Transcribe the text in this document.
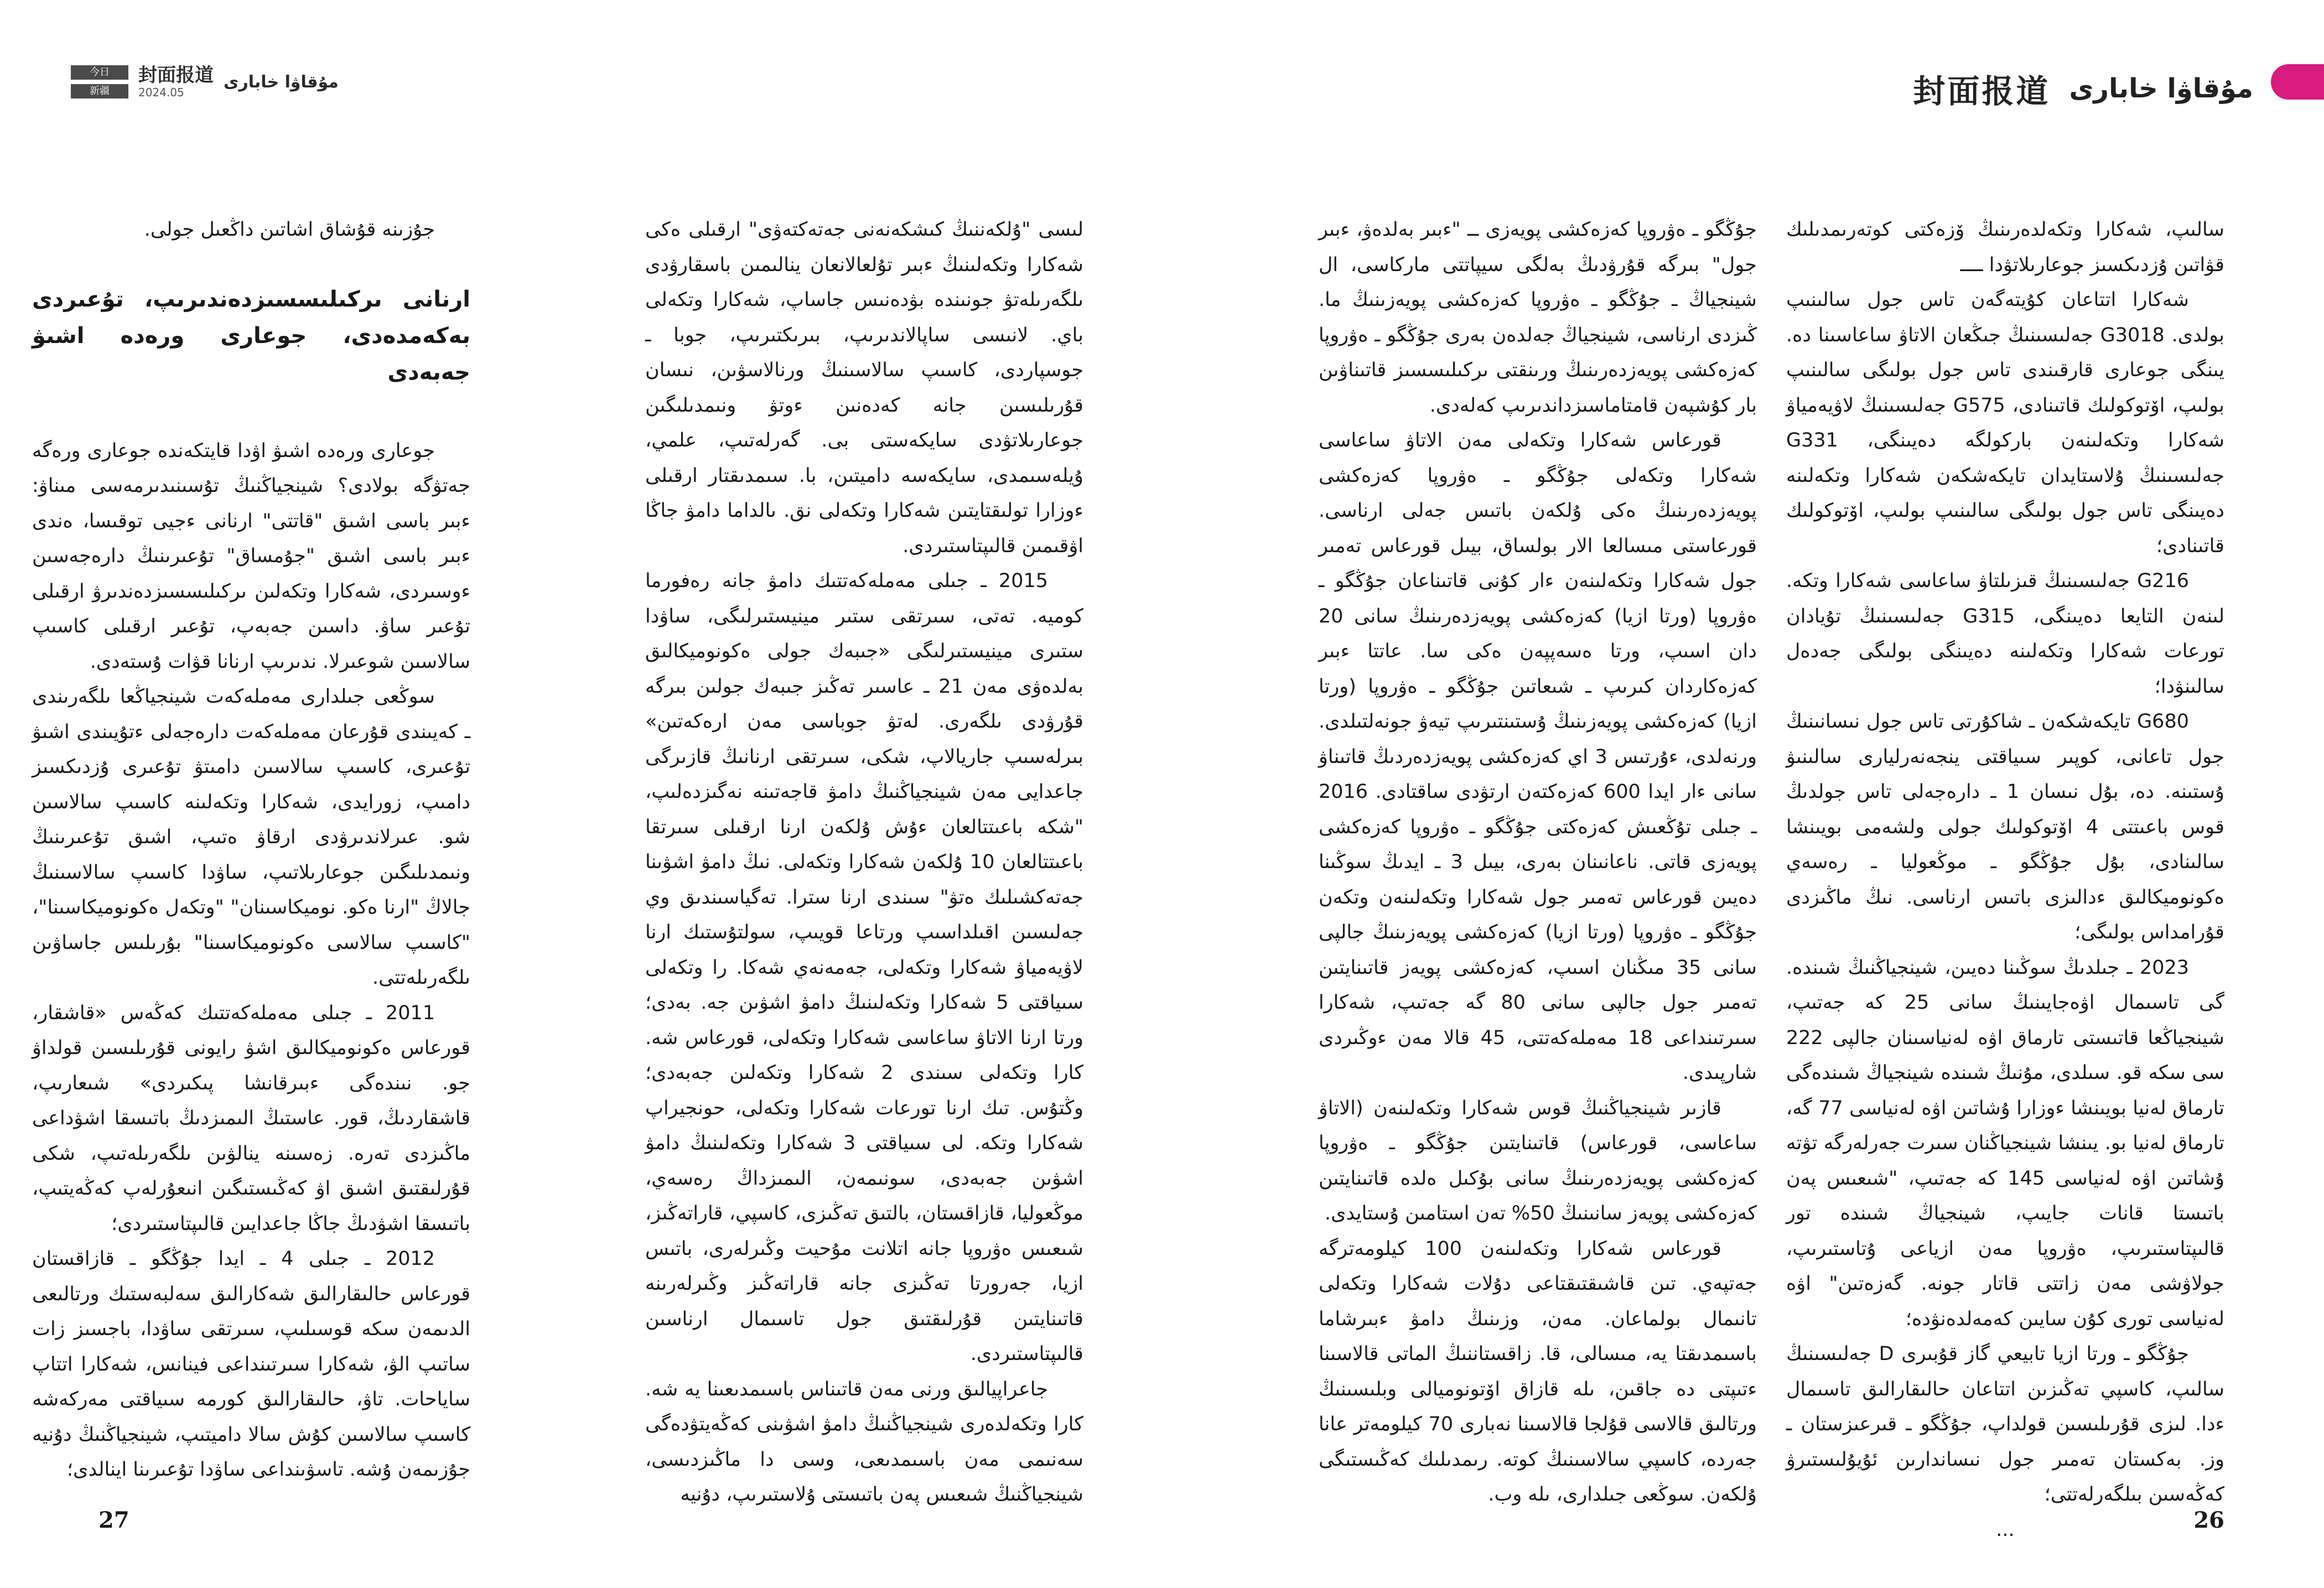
今日
新疆
封面报道
2024.05
مۇقاۋا خابارى

جۇزىنە قۇشاق اشاتىن داڭعىل جولى.

ارنانى ىركىلىسسىزدەندىرىپ، تۇعىردى بەكەمدەدى، جوعارى ورەدە اشىۋ جەبەدى

جوعارى ورەدە اشىۋ اۋدا قايتكەندە جوعارى ورەگە جەتۋگە بولادى؟ شينجياڭنىڭ تۇسىنىدىرمەسى مىناۋ: ءبىر باسى اشىق "قاتتى" ارنانى ءجيى توقىسا، ەندى ءبىر باسى اشىق "جۇمساق" تۇعىرىنىڭ دارەجەسىن ءوسىردى، شەكارا وتكەلىن ىركىلىسسىزدەندىرۋ ارقىلى تۇعىر ساۋ. داسىن جەبەپ، تۇعىر ارقىلى كاسىپ سالاسىن شوعىرلا. ندىرىپ ارنانا قۋات ۇستەدى.

سوڭعى جىلدارى مەملەكەت شينجياڭعا ىلگەرىندى ـ كەيىندى قۇرعان مەملەكەت دارەجەلى ءتۇيىندى اشىۋ تۇعىرى، كاسىپ سالاسىن دامىتۋ تۇعىرى ۇزدىكسىز دامىپ، زورايدى، شەكارا وتكەلىنە كاسىپ سالاسىن شو. عىرلاندىرۋدى ارقاۋ ەتىپ، اشىق تۇعىرىنىڭ ونىمدىلىگىن جوعارىلاتىپ، ساۋدا كاسىپ سالاسىنىڭ جالاڭ "ارنا ەكو. نوميكاسىنان" "وتكەل ەكونوميكاسىنا"، "كاسىپ سالاسى ەكونوميكاسىنا" بۇرىلىس جاساۋىن ىلگەرىلەتتى.

2011 ـ جىلى مەملەكەتتىك كەڭەس «قاشقار، قورعاس ەكونوميكالىق اشۋ رايونى قۇرىلىسىن قولداۋ جو. نىندەگى ءبىرقانشا پىكىردى» شىعارىپ، قاشقاردىڭ، قور. عاستىڭ الىمىزدىڭ باتىسقا اشۋداعى ماڭىزدى تەرە. زەسىنە ينالۋىن ىلگەرىلەتىپ، شكى قۇرلىقتىق اشىق اۋ كەڭىستىگىن انىعۇرلەپ كەڭەيتىپ، باتىسقا اشۋدىڭ جاڭا جاعدايىن قالىپتاستىردى؛

2012 ـ جىلى 4 ـ ايدا جۇڭگو ـ قازاقستان قورعاس حالىقارالىق شەكارالىق سەلبەستىك ورتالىعى الدىمەن سكە قوسىلىپ، سىرتقى ساۋدا، باجسىز زات ساتىپ الۋ، شەكارا سىرتىنداعى فينانس، شەكارا اتتاپ ساياحات. تاۋ، حالىقارالىق كورمە سىياقتى مەركەشە كاسىپ سالاسىن كۇش سالا داميتىپ، شينجياڭنىڭ دۇنيە جۇزىمەن ۇشە. تاسۋىنداعى ساۋدا تۇعىرىنا اينالدى؛

لىسى "ۇلكەننىڭ كىشكەنەنى جەتەكتەۋى" ارقىلى ەكى شەكارا وتكەلىنىڭ ءبىر تۇلعالانعان ينالىمىن باسقارۋدى ىلگەرىلەتۋ جونىندە بۋدەنىس جاساپ، شەكارا وتكەلى باي. لانىسى ساپالاندىرىپ، بىرىكتىرىپ، جوبا ـ جوسپاردى، كاسىپ سالاسىنىڭ ورنالاسۋىن، نىسان قۇرىلىسىن جانە كەدەنىن ءوتۋ ونىمدىلىگىن جوعارىلاتۋدى سايكەستى بى. گەرلەتىپ، علمي، ۇيلەسىمدى، سايكەسە داميتىن، با. سىمدىقتار ارقىلى ءوزارا تولىقتايتىن شەكارا وتكەلى نق. ىالداما دامۋ جاڭا اۋقىمىن قالىپتاستىردى.

2015 ـ جىلى مەملەكەتتىك دامۋ جانە رەفورما كوميە. تەتى، سىرتقى ستىر مينيستىرلىگى، ساۋدا ستىرى مينيستىرلىگى «جىبەك جولى ەكونوميكالىق بەلدەۋى مەن 21 ـ عاسىر تەڭىز جىبەك جولىن بىرگە قۇرۋدى ىلگەرى. لەتۋ جوباسى مەن ارەكەتىن» بىرلەسىپ جاريالاپ، شكى، سىرتقى ارنانىڭ قازىرگى جاعدايى مەن شينجياڭنىڭ دامۋ قاجەتىنە نەگىزدەلىپ، "شكە باعىتتالعان ءۇش ۇلكەن ارنا ارقىلى سىرتقا باعىتتالعان 10 ۇلكەن شەكارا وتكەلى. نىڭ دامۋ اشۋىنا جەتەكشىلىك ەتۋ" سىندى ارنا سترا. تەگياسىندىق وي جەلىسىن اقىلداسىپ ورتاعا قويىپ، سولتۇستىك ارنا لاۋيەمياۋ شەكارا وتكەلى، جەمەنەي شەكا. را وتكەلى سىياقتى 5 شەكارا وتكەلىنىڭ دامۋ اشۋىن جە. بەدى؛ ورتا ارنا الاتاۋ ساعاسى شەكارا وتكەلى، قورعاس شە. كارا وتكەلى سىندى 2 شەكارا وتكەلىن جەبەدى؛ وڭتۇس. تىك ارنا تورعات شەكارا وتكەلى، حونجيراپ شەكارا وتكە. لى سىياقتى 3 شەكارا وتكەلىنىڭ دامۋ اشۋىن جەبەدى، سونىمەن، الىمىزداڭ رەسەي، موڭعوليا، قازاقستان، بالتىق تەڭىزى، كاسپي، قاراتەڭىز، شىعىس ەۋروپا جانە اتلانت مۇحيت وڭىرلەرى، باتىس ازيا، جەرورتا تەڭىزى جانە قاراتەڭىز وڭىرلەرىنە قاتىنايتىن قۇرلىقتىق جول تاسىمال ارناسىن قالىپتاستىردى.

جاعراپيالىق ورنى مەن قاتىناس باسىمدىعىنا يە شە. كارا وتكەلدەرى شينجياڭنىڭ دامۋ اشۋىنى كەڭەيتۋدەگى سەنىمى مەن باسىمدىعى، وسى دا ماڭىزدىسى، شينجياڭنىڭ شىعىس پەن باتىستى ۇلاستىرىپ، دۇنيە

27
封面报道 مۇقاۋا خابارى

جۇڭگو ـ ەۋروپا كەزەكشى پويەزى ــ "ءبىر بەلدەۋ، ءبىر جول" بىرگە قۇرۋدىڭ بەلگى سيپاتتى ماركاسى، ال شينجياڭ ـ جۇڭگو ـ ەۋروپا كەزەكشى پويەزىنىڭ ما. ڭىزدى ارناسى، شينجياڭ جەلدەن بەرى جۇڭگو ـ ەۋروپا كەزەكشى پويەزدەرىنىڭ ورىنقتى ىركىلىسسىز قاتىناۋىن بار كۇشپەن قامتاماسىزداندىرىپ كەلەدى.

قورعاس شەكارا وتكەلى مەن الاتاۋ ساعاسى شەكارا وتكەلى جۇڭگو ـ ەۋروپا كەزەكشى پويەزدەرىنىڭ ەكى ۇلكەن باتىس جەلى ارناسى. قورعاستى مىسالعا الار بولساق، بيىل قورعاس تەمىر جول شەكارا وتكەلىنەن ءار كۇنى قاتىناعان جۇڭگو ـ ەۋروپا (ورتا ازيا) كەزەكشى پويەزدەرىنىڭ سانى 20 دان اسىپ، ورتا ەسەپپەن ەكى سا. عاتتا ءبىر كەزەكاردان كىرىپ ـ شىعاتىن جۇڭگو ـ ەۋروپا (ورتا ازيا) كەزەكشى پويەزىنىڭ ۇستىنتىرىپ تيەۋ جونەلتىلدى. ورنەلدى، ءۇرتىس 3 اي كەزەكشى پويەزدەردىڭ قاتىناۋ سانى ءار ايدا 600 كەزەكتەن ارتۋدى ساقتادى. 2016 ـ جىلى تۇڭعىش كەزەكتى جۇڭگو ـ ەۋروپا كەزەكشى پويەزى قاتى. ناعانىنان بەرى، بيىل 3 ـ ايدىڭ سوڭىنا دەيىن قورعاس تەمىر جول شەكارا وتكەلىنەن وتكەن جۇڭگو ـ ەۋروپا (ورتا ازيا) كەزەكشى پويەزىنىڭ جالپى سانى 35 مىڭنان اسىپ، كەزەكشى پويەز قاتىنايتىن تەمىر جول جالپى سانى 80 گە جەتىپ، شەكارا سىرتىنداعى 18 مەملەكەتتى، 45 قالا مەن ءوڭىردى شارپىدى.

قازىر شينجياڭنىڭ قوس شەكارا وتكەلىنەن (الاتاۋ ساعاسى، قورعاس) قاتىنايتىن جۇڭگو ـ ەۋروپا كەزەكشى پويەزدەرىنىڭ سانى بۇكىل ەلدە قاتىنايتىن كەزەكشى پويەز سانىنىڭ 50% تەن استامىن ۇستايدى.

قورعاس شەكارا وتكەلىنەن 100 كيلومەترگە جەتپەي. تىن قاشىقتىقتاعى دۇلات شەكارا وتكەلى تانىمال بولماعان. مەن، وزىنىڭ دامۋ ءبىرشاما باسىمدىقتا يە، مىسالى، قا. زاقستاننىڭ الماتى قالاسىنا ءتىپتى دە جاقىن، ىلە قازاق اۆتونوميالى وبلىسىنىڭ ورتالىق قالاسى قۇلجا قالاسىنا نەبارى 70 كيلومەتر عانا جەردە، كاسپي سالاسىنىڭ كوتە. رىمدىلىك كەڭىستىگى ۇلكەن. سوڭعى جىلدارى، ىلە وب.

سالىپ، شەكارا وتكەلدەرىنىڭ ۆزەكتى كوتەرىمدىلىك قۋاتىن ۇزدىكسىز جوعارىلاتۋدا ــــ

شەكارا اتتاعان كۇيتەگەن تاس جول سالىنىپ بولدى. G3018 جەلىسىنىڭ جىڭعان الاتاۋ ساعاسىنا دە. يىنگى جوعارى قارقىندى تاس جول بولىگى سالىنىپ بولىپ، اۆتوكولىك قاتىنادى، G575 جەلىسىنىڭ لاۋيەمياۋ شەكارا وتكەلىنەن باركولگە دەيىنگى، G331 جەلىسىنىڭ ۇلاستايدان تايكەشكەن شەكارا وتكەلىنە دەيىنگى تاس جول بولىگى سالىنىپ بولىپ، اۆتوكولىك قاتىنادى؛

G216 جەلىسىنىڭ قىزىلتاۋ ساعاسى شەكارا وتكە. لىنەن التايعا دەيىنگى، G315 جەلىسىنىڭ تۇيادان تورعات شەكارا وتكەلىنە دەيىنگى بولىگى جەدەل سالىنۋدا؛

G680 تايكەشكەن ـ شاكۇرتى تاس جول نىسانىنىڭ جول تاعانى، كوپىر سىياقتى ينجەنەرليارى سالىنىۋ ۇستىنە. دە، بۇل نىسان 1 ـ دارەجەلى تاس جولدىڭ قوس باعىتتى 4 اۆتوكولىك جولى ولشەمى بويىنشا سالىنادى، بۇل جۇڭگو ـ موڭعوليا ـ رەسەي ەكونوميكالىق ءدالىزى باتىس ارناسى. نىڭ ماڭىزدى قۇرامداس بولىگى؛

2023 ـ جىلدىڭ سوڭىنا دەيىن، شينجياڭنىڭ شىندە. گى تاسىمال اۋەجايىنىڭ سانى 25 كە جەتىپ، شينجياڭعا قاتىستى تارماق اۋە لەنياسىنان جالپى 222 سى سكە قو. سىلدى، مۇنىڭ شىندە شينجياڭ شىندەگى تارماق لەنيا بويىنشا ءوزارا ۇشاتىن اۋە لەنياسى 77 گە، تارماق لەنيا بو. يىنشا شينجياڭنان سىرت جەرلەرگە تۋتە ۇشاتىن اۋە لەنياسى 145 كە جەتىپ، "شىعىس پەن باتىستا قانات جايىپ، شينجياڭ شىندە تور قالىپتاستىرىپ، ەۋروپا مەن ازياعى ۇتاستىرىپ، جولاۋشى مەن زاتتى قاتار جونە. گەزەتىن" اۋە لەنياسى تورى كۇن سايىن كەمەلدەنۋدە؛

جۇڭگو ـ ورتا ازيا تابيعي گاز قۇبىرى D جەلىسىنىڭ سالىپ، كاسپي تەڭىزىن اتتاعان حالىقارالىق تاسىمال ءدا. لىزى قۇرىلىسىن قولداپ، جۇڭگو ـ قىرعىزستان ـ وز. بەكستان تەمىر جول نىساندارىن ئۇيۇلىستىرۋ كەڭەسىن بىلگەرلەتتى؛

...	26
